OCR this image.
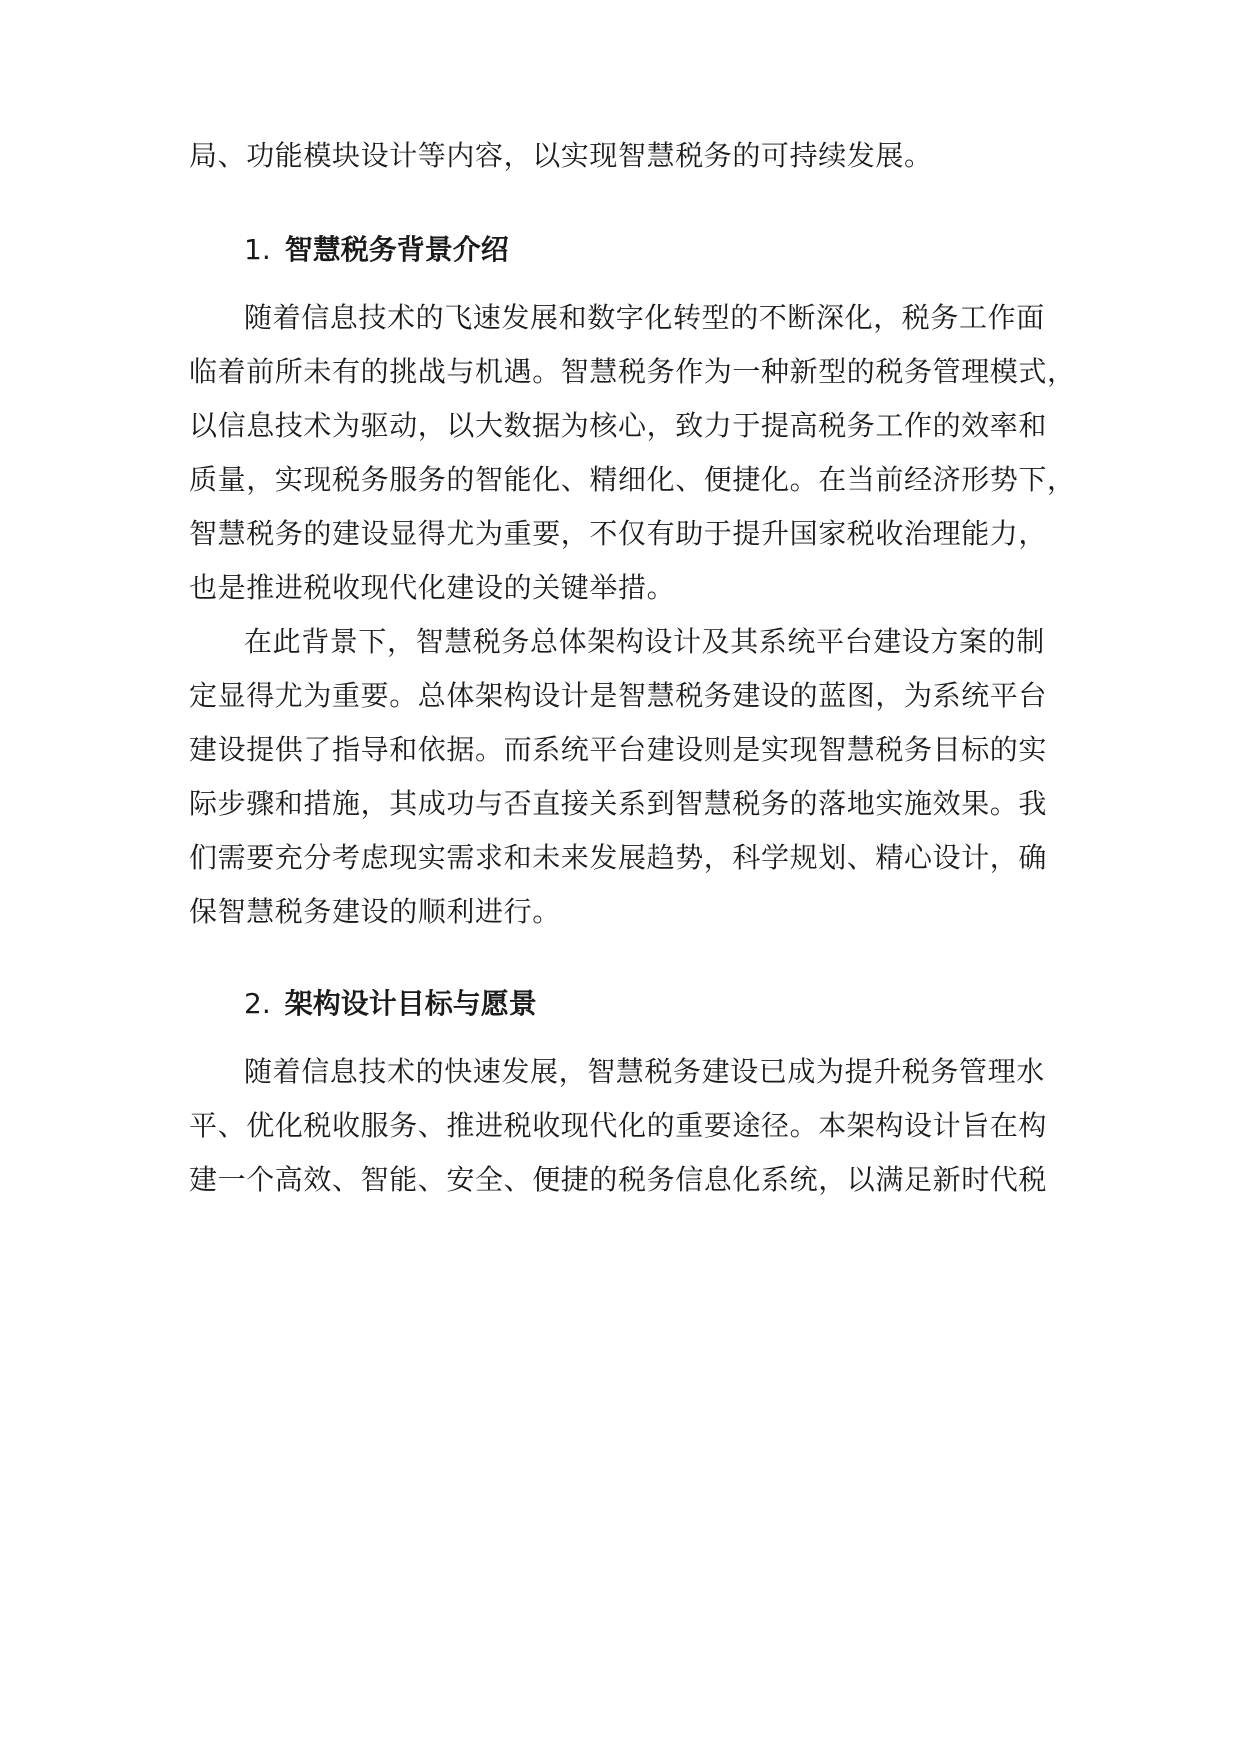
局、功能模块设计等内容，以实现智慧税务的可持续发展。
1. 智慧税务背景介绍
随着信息技术的飞速发展和数字化转型的不断深化，税务工作面
临着前所未有的挑战与机遇。智慧税务作为一种新型的税务管理模式，
以信息技术为驱动，以大数据为核心，致力于提高税务工作的效率和
质量，实现税务服务的智能化、精细化、便捷化。在当前经济形势下，
智慧税务的建设显得尤为重要，不仅有助于提升国家税收治理能力，
也是推进税收现代化建设的关键举措。
在此背景下，智慧税务总体架构设计及其系统平台建设方案的制
定显得尤为重要。总体架构设计是智慧税务建设的蓝图，为系统平台
建设提供了指导和依据。而系统平台建设则是实现智慧税务目标的实
际步骤和措施，其成功与否直接关系到智慧税务的落地实施效果。我
们需要充分考虑现实需求和未来发展趋势，科学规划、精心设计，确
保智慧税务建设的顺利进行。
2. 架构设计目标与愿景
随着信息技术的快速发展，智慧税务建设已成为提升税务管理水
平、优化税收服务、推进税收现代化的重要途径。本架构设计旨在构
建一个高效、智能、安全、便捷的税务信息化系统，以满足新时代税
